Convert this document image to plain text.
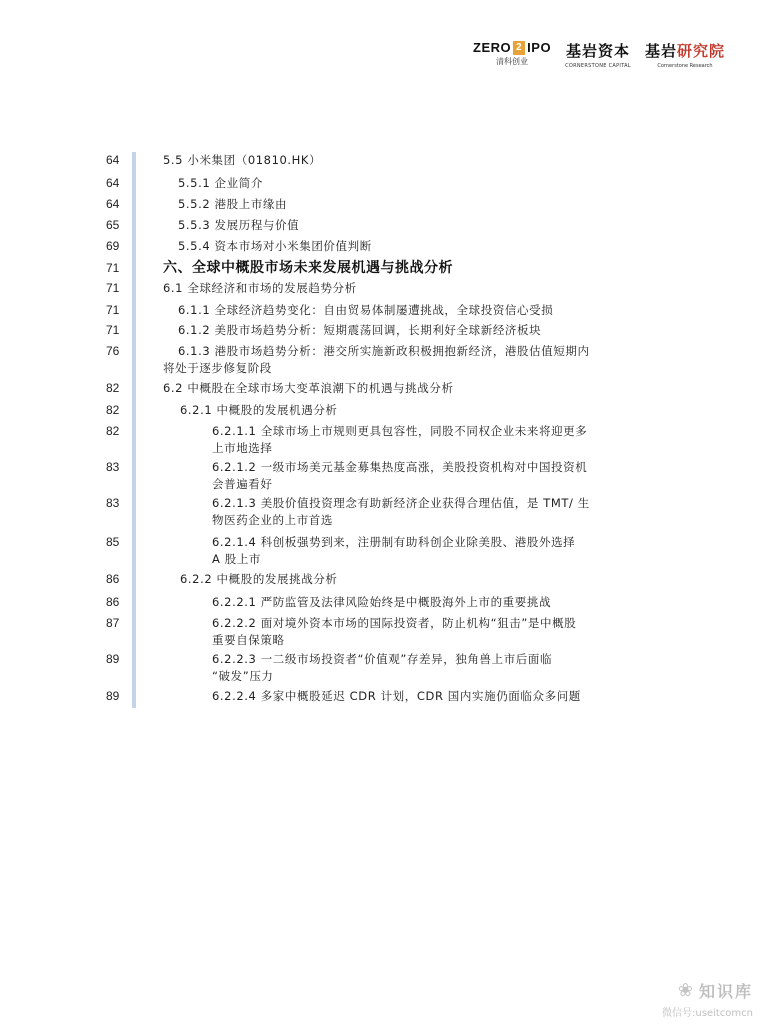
ZERO 2 IPO
清科创业
基岩资本
CORNERSTONE CAPITAL
基岩研究院
Cornerstone Research
64	5.5 小米集团（01810.HK）
64	5.5.1 企业简介
64	5.5.2 港股上市缘由
65	5.5.3 发展历程与价值
69	5.5.4 资本市场对小米集团价值判断
71	六、全球中概股市场未来发展机遇与挑战分析
71	6.1 全球经济和市场的发展趋势分析
71	6.1.1 全球经济趋势变化：自由贸易体制屡遭挑战，全球投资信心受损
71	6.1.2 美股市场趋势分析：短期震荡回调，长期利好全球新经济板块
76	6.1.3 港股市场趋势分析：港交所实施新政积极拥抱新经济，港股估值短期内
将处于逐步修复阶段
82	6.2 中概股在全球市场大变革浪潮下的机遇与挑战分析
82	6.2.1 中概股的发展机遇分析
82	6.2.1.1 全球市场上市规则更具包容性，同股不同权企业未来将迎更多
上市地选择
83	6.2.1.2 一级市场美元基金募集热度高涨，美股投资机构对中国投资机
会普遍看好
83	6.2.1.3 美股价值投资理念有助新经济企业获得合理估值，是 TMT/ 生
物医药企业的上市首选
85	6.2.1.4 科创板强势到来，注册制有助科创企业除美股、港股外选择
A 股上市
86	6.2.2 中概股的发展挑战分析
86	6.2.2.1 严防监管及法律风险始终是中概股海外上市的重要挑战
87	6.2.2.2 面对境外资本市场的国际投资者，防止机构“狙击”是中概股
重要自保策略
89	6.2.2.3 一二级市场投资者“价值观”存差异，独角兽上市后面临
“破发”压力
89	6.2.2.4 多家中概股延迟 CDR 计划，CDR 国内实施仍面临众多问题
❀ 知识库
微信号:useitcomcn
